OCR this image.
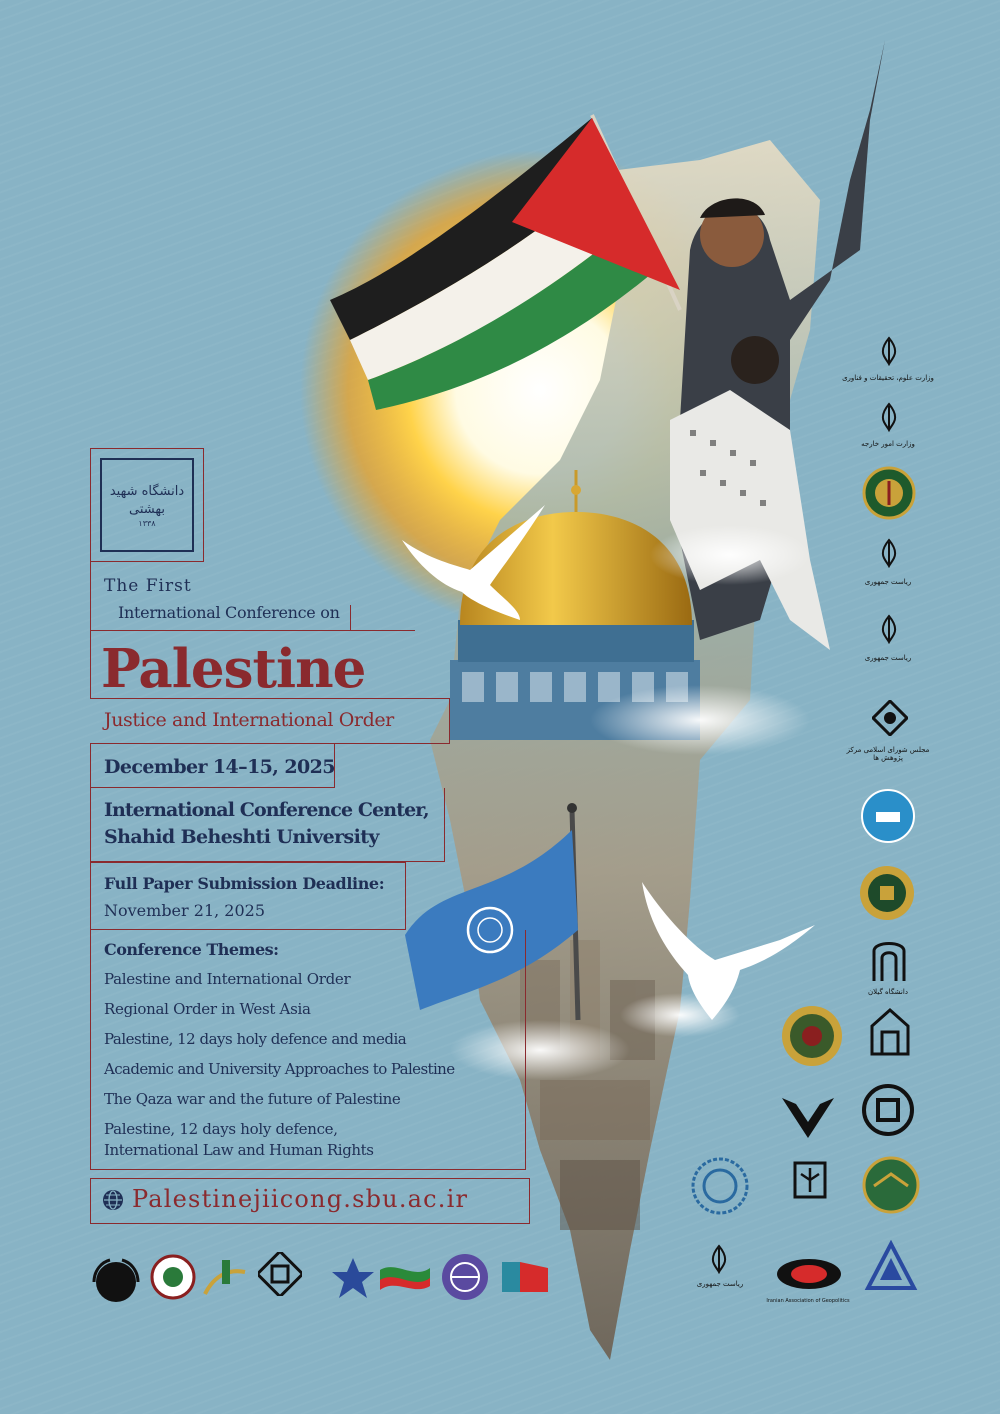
دانشگاه شهید بهشتی
۱۳۳۸
The First
International Conference on
Palestine
Justice and International Order
December 14–15, 2025
International Conference Center,
Shahid Beheshti University
Full Paper Submission Deadline:
November 21, 2025
Conference Themes:
Palestine and International Order
Regional Order in West Asia
Palestine, 12 days holy defence and media
Academic and University Approaches to Palestine
The Qaza war and the future of Palestine
Palestine, 12 days holy defence,
International Law and Human Rights
Palestinejiicong.sbu.ac.ir
وزارت علوم، تحقیقات و فناوری
وزارت امور خارجه
ریاست جمهوری
ریاست جمهوری
مجلس شورای اسلامی مرکز پژوهش ها
دانشگاه گیلان
ریاست جمهوری
Iranian Association of Geopolitics
